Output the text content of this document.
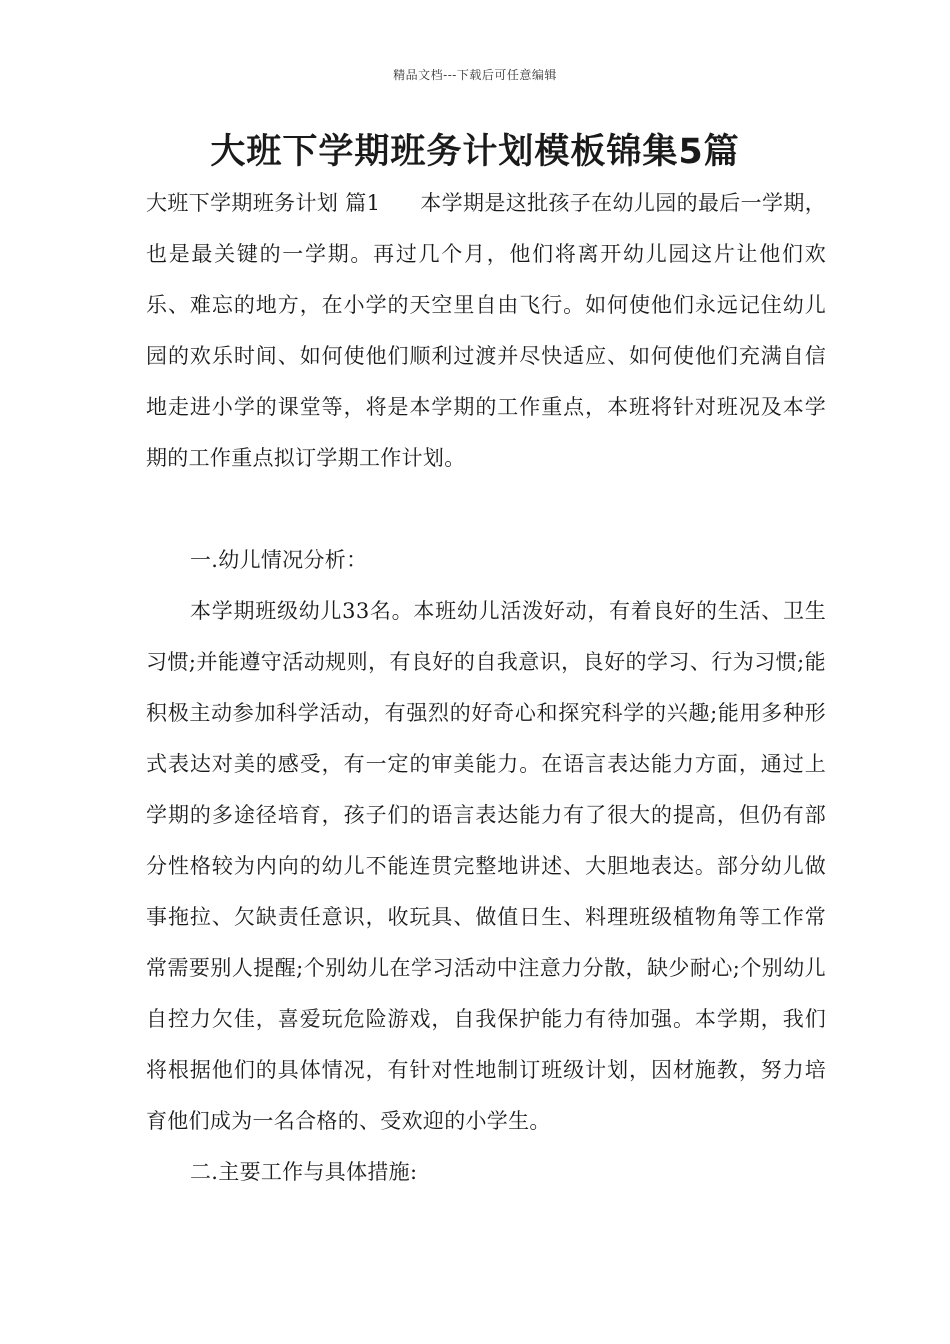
精品文档---下载后可任意编辑
大班下学期班务计划模板锦集5篇

大班下学期班务计划 篇1 本学期是这批孩子在幼儿园的最后一学期，也是最关键的一学期。再过几个月，他们将离开幼儿园这片让他们欢乐、难忘的地方，在小学的天空里自由飞行。如何使他们永远记住幼儿园的欢乐时间、如何使他们顺利过渡并尽快适应、如何使他们充满自信地走进小学的课堂等，将是本学期的工作重点，本班将针对班况及本学期的工作重点拟订学期工作计划。

一.幼儿情况分析：

本学期班级幼儿33名。本班幼儿活泼好动，有着良好的生活、卫生习惯;并能遵守活动规则，有良好的自我意识，良好的学习、行为习惯;能积极主动参加科学活动，有强烈的好奇心和探究科学的兴趣;能用多种形式表达对美的感受，有一定的审美能力。在语言表达能力方面，通过上学期的多途径培育，孩子们的语言表达能力有了很大的提高，但仍有部分性格较为内向的幼儿不能连贯完整地讲述、大胆地表达。部分幼儿做事拖拉、欠缺责任意识，收玩具、做值日生、料理班级植物角等工作常常需要别人提醒;个别幼儿在学习活动中注意力分散，缺少耐心;个别幼儿自控力欠佳，喜爱玩危险游戏，自我保护能力有待加强。本学期，我们将根据他们的具体情况，有针对性地制订班级计划，因材施教，努力培育他们成为一名合格的、受欢迎的小学生。

二.主要工作与具体措施:
